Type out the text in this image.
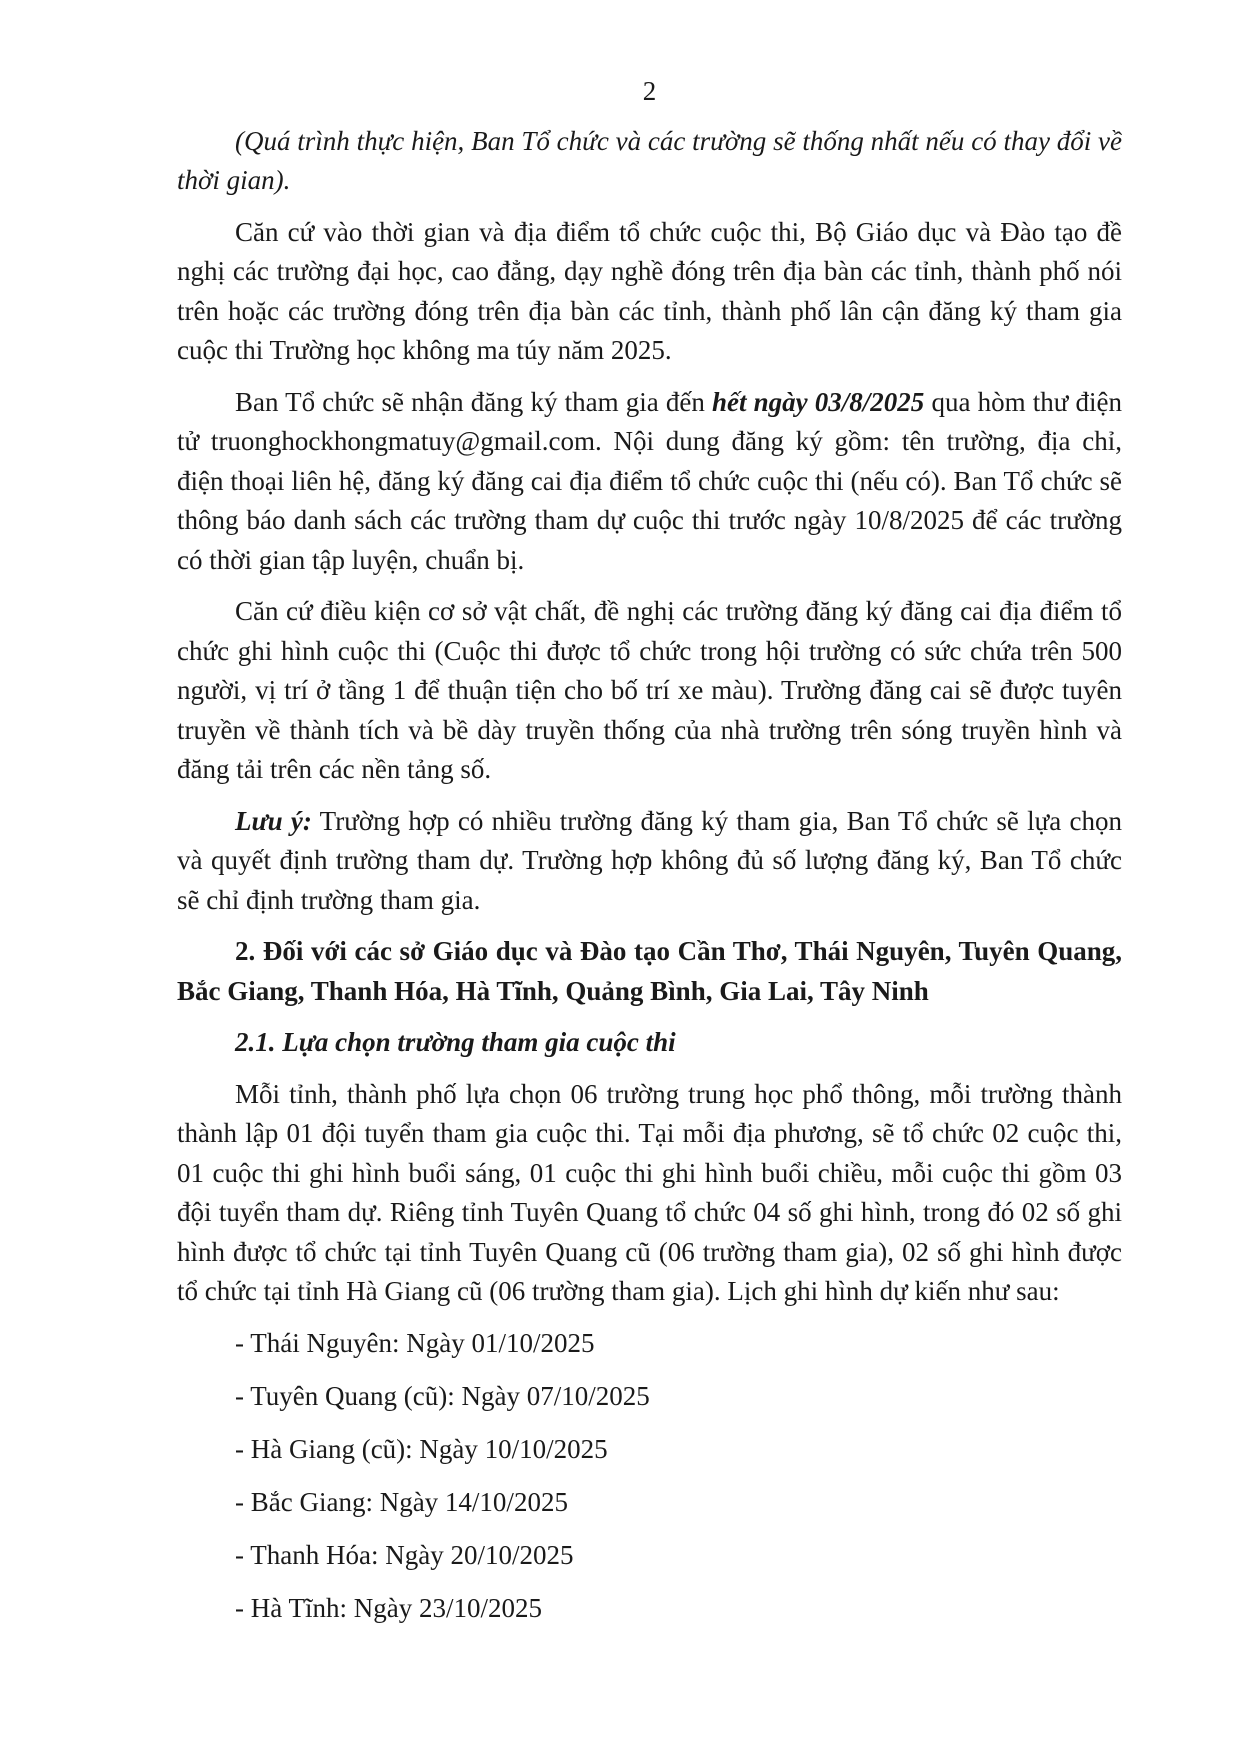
2

(Quá trình thực hiện, Ban Tổ chức và các trường sẽ thống nhất nếu có thay đổi về thời gian).

Căn cứ vào thời gian và địa điểm tổ chức cuộc thi, Bộ Giáo dục và Đào tạo đề nghị các trường đại học, cao đẳng, dạy nghề đóng trên địa bàn các tỉnh, thành phố nói trên hoặc các trường đóng trên địa bàn các tỉnh, thành phố lân cận đăng ký tham gia cuộc thi Trường học không ma túy năm 2025.

Ban Tổ chức sẽ nhận đăng ký tham gia đến hết ngày 03/8/2025 qua hòm thư điện tử truonghockhongmatuy@gmail.com. Nội dung đăng ký gồm: tên trường, địa chỉ, điện thoại liên hệ, đăng ký đăng cai địa điểm tổ chức cuộc thi (nếu có). Ban Tổ chức sẽ thông báo danh sách các trường tham dự cuộc thi trước ngày 10/8/2025 để các trường có thời gian tập luyện, chuẩn bị.

Căn cứ điều kiện cơ sở vật chất, đề nghị các trường đăng ký đăng cai địa điểm tổ chức ghi hình cuộc thi (Cuộc thi được tổ chức trong hội trường có sức chứa trên 500 người, vị trí ở tầng 1 để thuận tiện cho bố trí xe màu). Trường đăng cai sẽ được tuyên truyền về thành tích và bề dày truyền thống của nhà trường trên sóng truyền hình và đăng tải trên các nền tảng số.

Lưu ý: Trường hợp có nhiều trường đăng ký tham gia, Ban Tổ chức sẽ lựa chọn và quyết định trường tham dự. Trường hợp không đủ số lượng đăng ký, Ban Tổ chức sẽ chỉ định trường tham gia.

2. Đối với các sở Giáo dục và Đào tạo Cần Thơ, Thái Nguyên, Tuyên Quang, Bắc Giang, Thanh Hóa, Hà Tĩnh, Quảng Bình, Gia Lai, Tây Ninh

2.1. Lựa chọn trường tham gia cuộc thi

Mỗi tỉnh, thành phố lựa chọn 06 trường trung học phổ thông, mỗi trường thành thành lập 01 đội tuyển tham gia cuộc thi. Tại mỗi địa phương, sẽ tổ chức 02 cuộc thi, 01 cuộc thi ghi hình buổi sáng, 01 cuộc thi ghi hình buổi chiều, mỗi cuộc thi gồm 03 đội tuyển tham dự. Riêng tỉnh Tuyên Quang tổ chức 04 số ghi hình, trong đó 02 số ghi hình được tổ chức tại tỉnh Tuyên Quang cũ (06 trường tham gia), 02 số ghi hình được tổ chức tại tỉnh Hà Giang cũ (06 trường tham gia). Lịch ghi hình dự kiến như sau:

- Thái Nguyên: Ngày 01/10/2025
- Tuyên Quang (cũ): Ngày 07/10/2025
- Hà Giang (cũ): Ngày 10/10/2025
- Bắc Giang: Ngày 14/10/2025
- Thanh Hóa: Ngày 20/10/2025
- Hà Tĩnh: Ngày 23/10/2025
